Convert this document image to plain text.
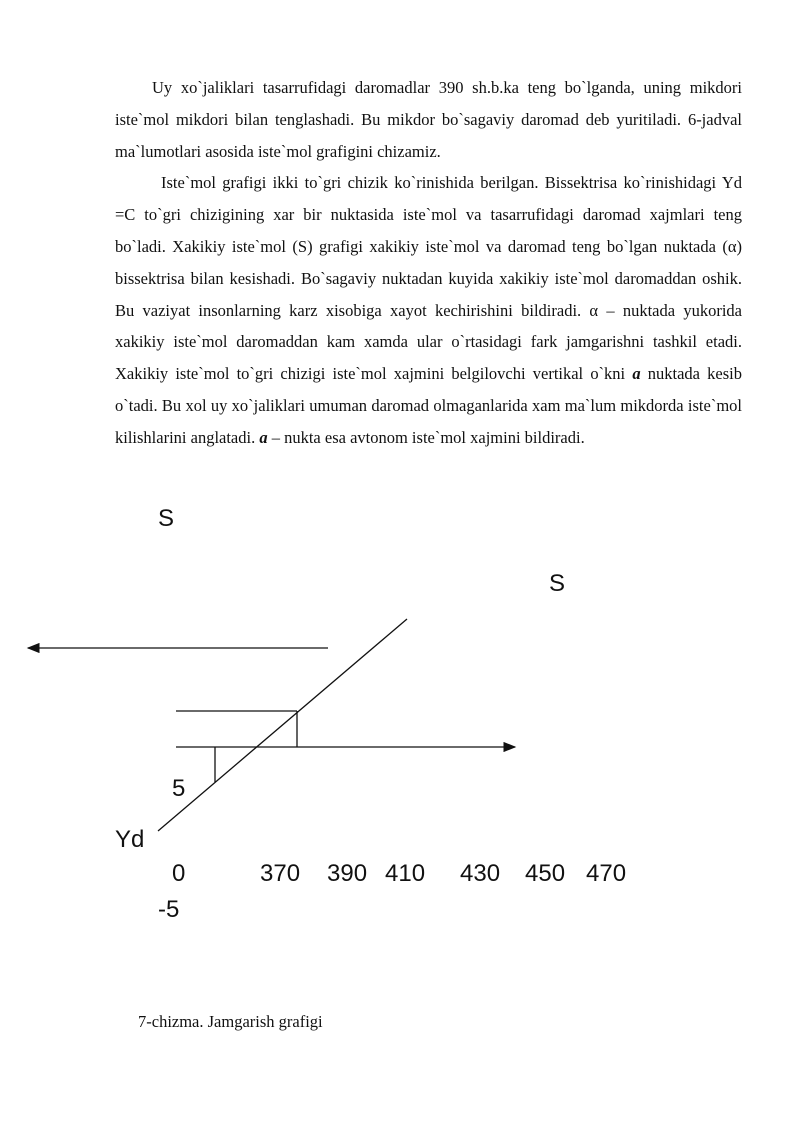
Uy xo`jaliklari tasarrufidagi daromadlar 390 sh.b.ka teng bo`lganda, uning mikdori iste`mol mikdori bilan tenglashadi. Bu mikdor bo`sagaviy daromad deb yuritiladi. 6-jadval ma`lumotlari asosida iste`mol grafigini chizamiz.

Iste`mol grafigi ikki to`gri chizik ko`rinishida berilgan. Bissektrisa ko`rinishidagi Yd =C to`gri chizigining xar bir nuktasida iste`mol va tasarrufidagi daromad xajmlari teng bo`ladi. Xakikiy iste`mol (S) grafigi xakikiy iste`mol va daromad teng bo`lgan nuktada (α) bissektrisa bilan kesishadi. Bo`sagaviy nuktadan kuyida xakikiy iste`mol daromaddan oshik. Bu vaziyat insonlarning karz xisobiga xayot kechirishini bildiradi. α – nuktada yukorida xakikiy iste`mol daromaddan kam xamda ular o`rtasidagi fark jamgarishni tashkil etadi. Xakikiy iste`mol to`gri chizigi iste`mol xajmini belgilovchi vertikal o`kni a nuktada kesib o`tadi. Bu xol uy xo`jaliklari umuman daromad olmaganlarida xam ma`lum mikdorda iste`mol kilishlarini anglatadi. a – nukta esa avtonom iste`mol xajmini bildiradi.

S
S
5
Yd
0	370 390 410 430 450 470
-5
7-chizma. Jamgarish grafigi
